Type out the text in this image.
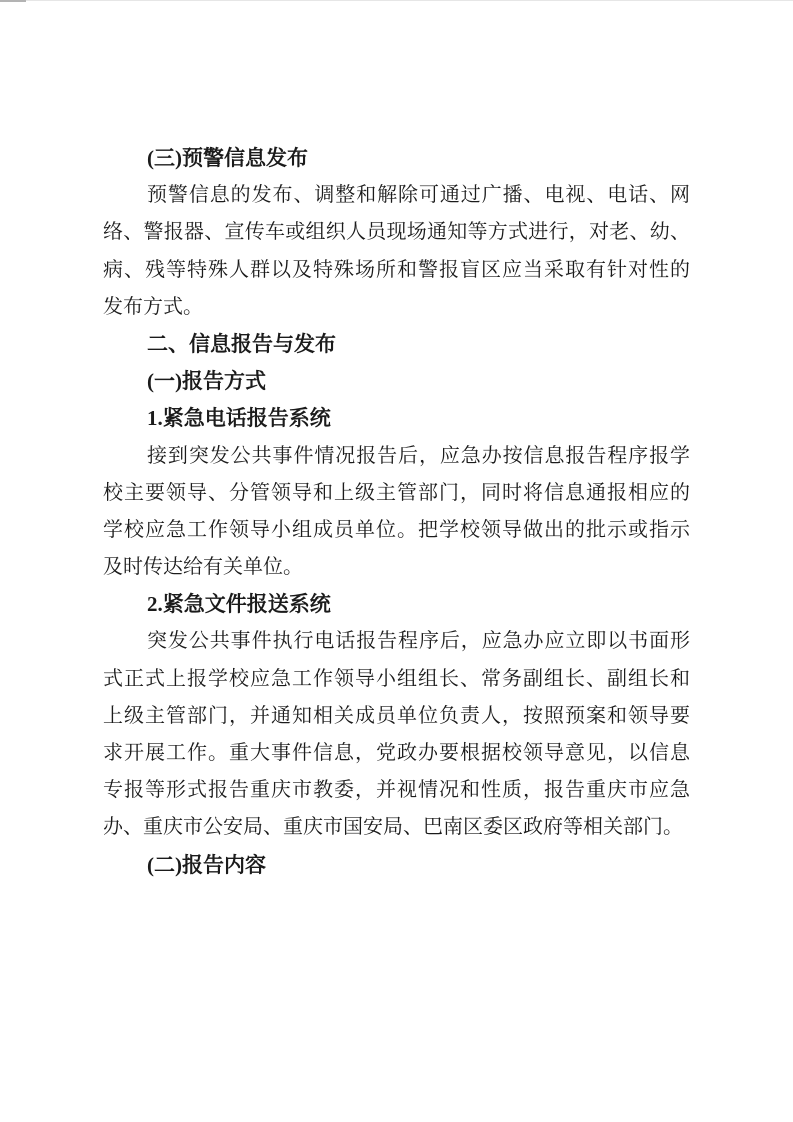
(三)预警信息发布
预警信息的发布、调整和解除可通过广播、电视、电话、网
络、警报器、宣传车或组织人员现场通知等方式进行，对老、幼、
病、残等特殊人群以及特殊场所和警报盲区应当采取有针对性的
发布方式。
二、信息报告与发布
(一)报告方式
1.紧急电话报告系统
接到突发公共事件情况报告后，应急办按信息报告程序报学
校主要领导、分管领导和上级主管部门，同时将信息通报相应的
学校应急工作领导小组成员单位。把学校领导做出的批示或指示
及时传达给有关单位。
2.紧急文件报送系统
突发公共事件执行电话报告程序后，应急办应立即以书面形
式正式上报学校应急工作领导小组组长、常务副组长、副组长和
上级主管部门，并通知相关成员单位负责人，按照预案和领导要
求开展工作。重大事件信息，党政办要根据校领导意见，以信息
专报等形式报告重庆市教委，并视情况和性质，报告重庆市应急
办、重庆市公安局、重庆市国安局、巴南区委区政府等相关部门。
(二)报告内容
